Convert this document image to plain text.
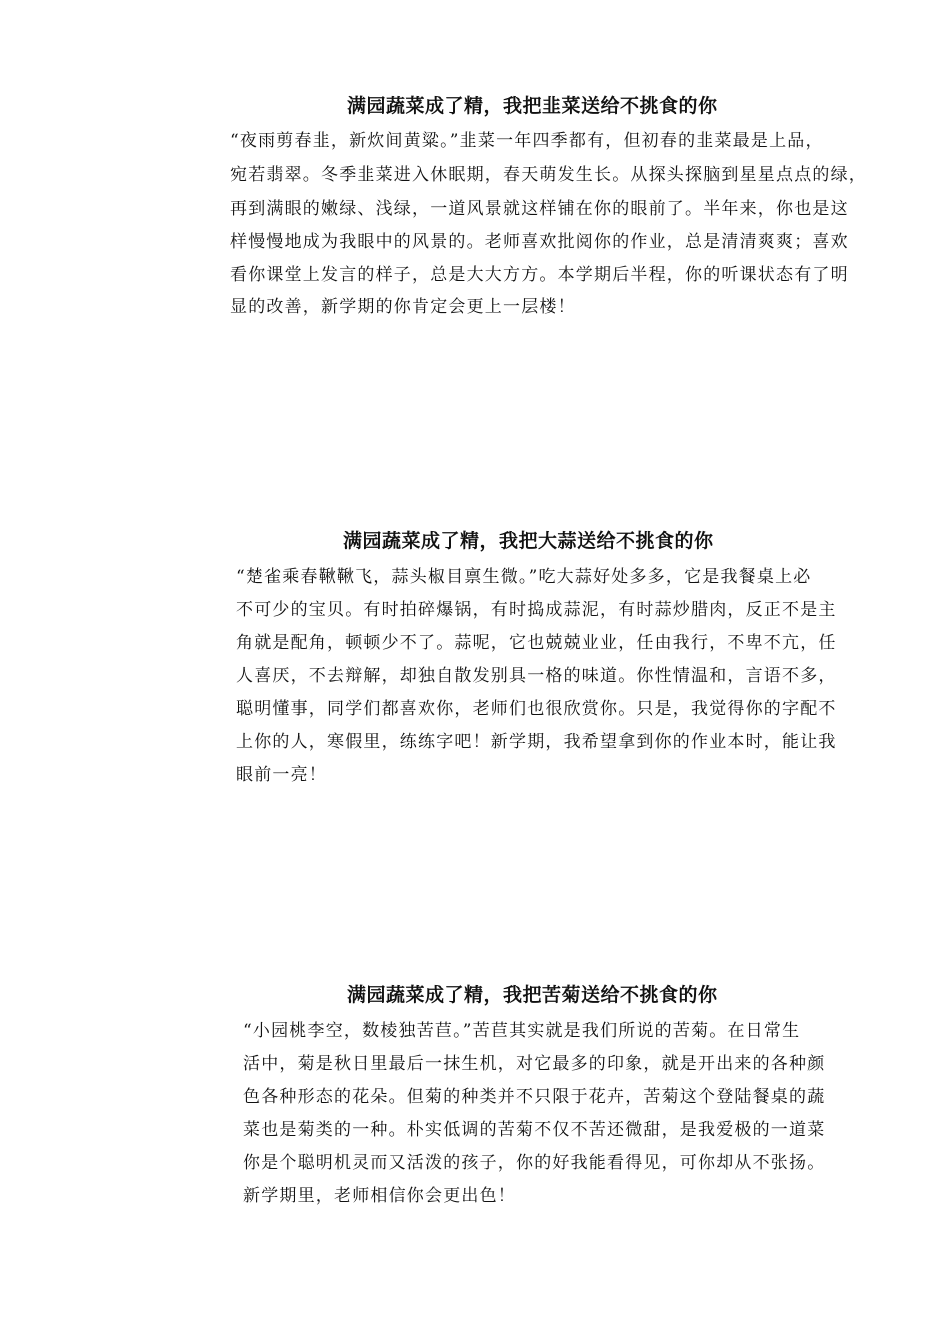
满园蔬菜成了精，我把韭菜送给不挑食的你
“夜雨剪春韭，新炊间黄粱。”韭菜一年四季都有，但初春的韭菜最是上品，
宛若翡翠。冬季韭菜进入休眠期，春天萌发生长。从探头探脑到星星点点的绿，
再到满眼的嫩绿、浅绿，一道风景就这样铺在你的眼前了。半年来，你也是这
样慢慢地成为我眼中的风景的。老师喜欢批阅你的作业，总是清清爽爽；喜欢
看你课堂上发言的样子，总是大大方方。本学期后半程，你的听课状态有了明
显的改善，新学期的你肯定会更上一层楼！
满园蔬菜成了精，我把大蒜送给不挑食的你
“楚雀乘春鞦鞦飞，蒜头椒目禀生微。”吃大蒜好处多多，它是我餐桌上必
不可少的宝贝。有时拍碎爆锅，有时捣成蒜泥，有时蒜炒腊肉，反正不是主
角就是配角，顿顿少不了。蒜呢，它也兢兢业业，任由我行，不卑不亢，任
人喜厌，不去辩解，却独自散发别具一格的味道。你性情温和，言语不多，
聪明懂事，同学们都喜欢你，老师们也很欣赏你。只是，我觉得你的字配不
上你的人，寒假里，练练字吧！新学期，我希望拿到你的作业本时，能让我
眼前一亮！
满园蔬菜成了精，我把苦菊送给不挑食的你
“小园桃李空，数棱独苦苣。”苦苣其实就是我们所说的苦菊。在日常生
活中，菊是秋日里最后一抹生机，对它最多的印象，就是开出来的各种颜
色各种形态的花朵。但菊的种类并不只限于花卉，苦菊这个登陆餐桌的蔬
菜也是菊类的一种。朴实低调的苦菊不仅不苦还微甜，是我爱极的一道菜
你是个聪明机灵而又活泼的孩子，你的好我能看得见，可你却从不张扬。
新学期里，老师相信你会更出色！
